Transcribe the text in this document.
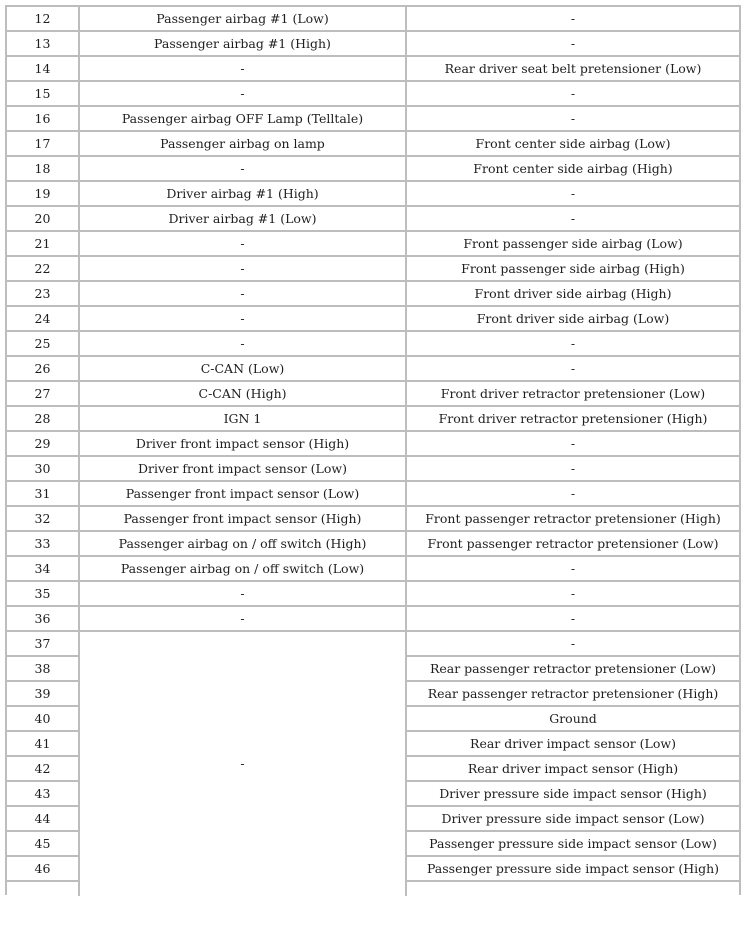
12	Passenger airbag #1 (Low)	-
13	Passenger airbag #1 (High)	-
14	-	Rear driver seat belt pretensioner (Low)
15	-	-
16	Passenger airbag OFF Lamp (Telltale)	-
17	Passenger airbag on lamp	Front center side airbag (Low)
18	-	Front center side airbag (High)
19	Driver airbag #1 (High)	-
20	Driver airbag #1 (Low)	-
21	-	Front passenger side airbag (Low)
22	-	Front passenger side airbag (High)
23	-	Front driver side airbag (High)
24	-	Front driver side airbag (Low)
25	-	-
26	C-CAN (Low)	-
27	C-CAN (High)	Front driver retractor pretensioner (Low)
28	IGN 1	Front driver retractor pretensioner (High)
29	Driver front impact sensor (High)	-
30	Driver front impact sensor (Low)	-
31	Passenger front impact sensor (Low)	-
32	Passenger front impact sensor (High)	Front passenger retractor pretensioner (High)
33	Passenger airbag on / off switch (High)	Front passenger retractor pretensioner (Low)
34	Passenger airbag on / off switch (Low)	-
35	-	-
36	-	-
37	-	-
38		Rear passenger retractor pretensioner (Low)
39		Rear passenger retractor pretensioner (High)
40		Ground
41		Rear driver impact sensor (Low)
42		Rear driver impact sensor (High)
43		Driver pressure side impact sensor (High)
44		Driver pressure side impact sensor (Low)
45		Passenger pressure side impact sensor (Low)
46		Passenger pressure side impact sensor (High)
